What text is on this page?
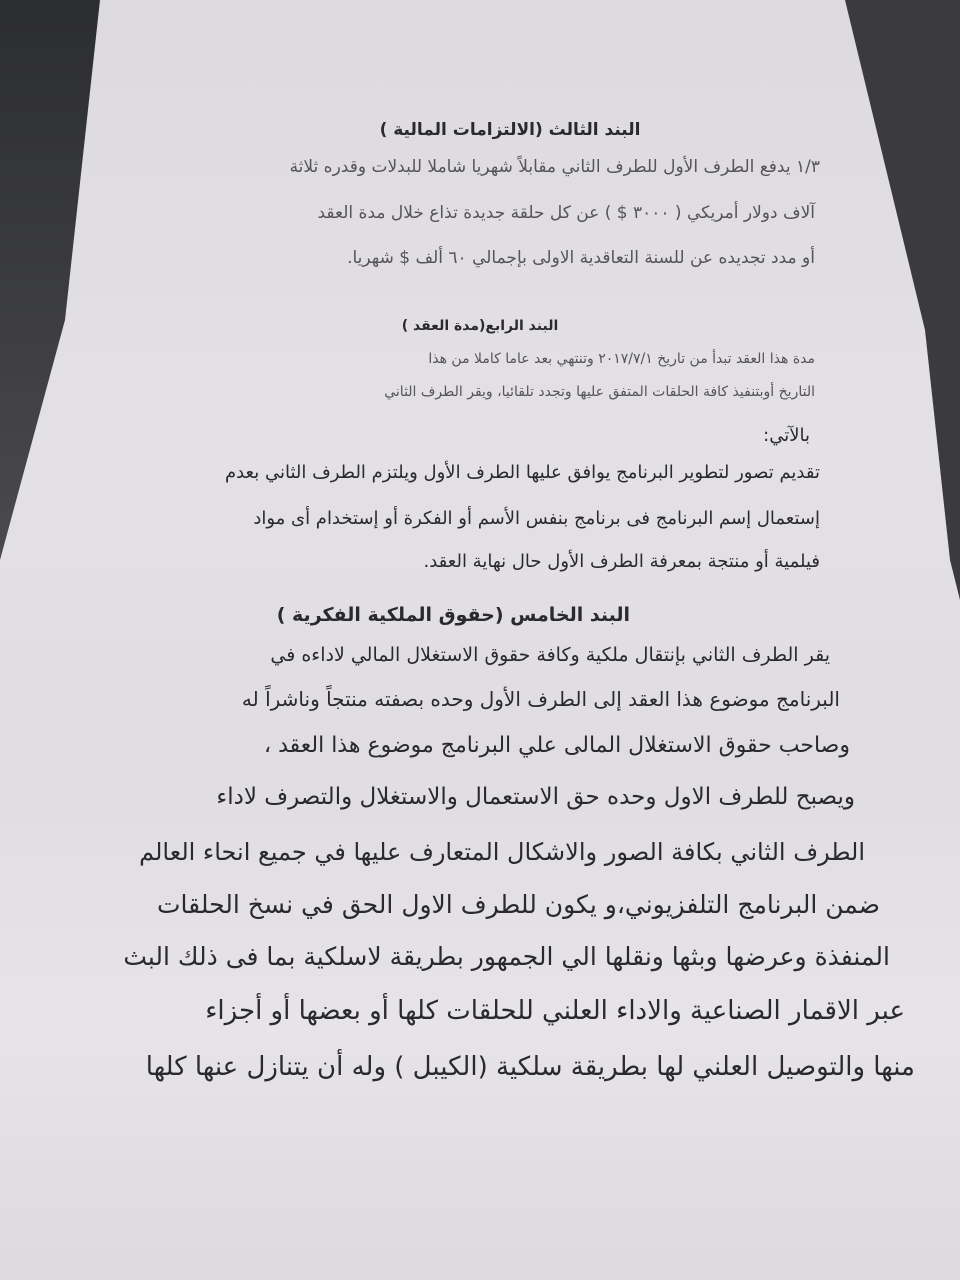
البند الثالث (الالتزامات المالية )

١/٣ يدفع الطرف الأول للطرف الثاني مقابلاً شهريا شاملا للبدلات وقدره ثلاثة

آلاف دولار أمريكي ( ٣٠٠٠ $ ) عن كل حلقة جديدة تذاع خلال مدة العقد

أو مدد تجديده عن للسنة التعاقدية الاولى بإجمالي ٦٠ ألف $ شهريا.

البند الرابع(مدة العقد )

مدة هذا العقد تبدأ من تاريخ ٢٠١٧/٧/١ وتنتهي بعد عاما كاملا من هذا

التاريخ أوبتنفيذ كافة الحلقات المتفق عليها وتجدد تلقائيا، ويقر الطرف الثاني

بالآتي:

تقديم تصور لتطوير البرنامج يوافق عليها الطرف الأول ويلتزم الطرف الثاني بعدم

إستعمال إسم البرنامج فى برنامج بنفس الأسم أو الفكرة أو إستخدام أى مواد

فيلمية أو منتجة بمعرفة الطرف الأول حال نهاية العقد.

البند الخامس (حقوق الملكية الفكرية )

يقر الطرف الثاني بإنتقال ملكية وكافة حقوق الاستغلال المالي لاداءه في

البرنامج موضوع هذا العقد إلى الطرف الأول وحده بصفته منتجاً وناشراً له

وصاحب حقوق الاستغلال المالى علي البرنامج موضوع هذا العقد ،

ويصبح للطرف الاول وحده حق الاستعمال والاستغلال والتصرف لاداء

الطرف الثاني بكافة الصور والاشكال المتعارف عليها في جميع انحاء العالم

ضمن البرنامج التلفزيوني،و يكون للطرف الاول الحق في نسخ الحلقات

المنفذة وعرضها وبثها ونقلها الي الجمهور بطريقة لاسلكية بما فى ذلك البث

عبر الاقمار الصناعية والاداء العلني للحلقات كلها أو بعضها أو أجزاء

منها والتوصيل العلني لها بطريقة سلكية (الكيبل ) وله أن يتنازل عنها كلها
